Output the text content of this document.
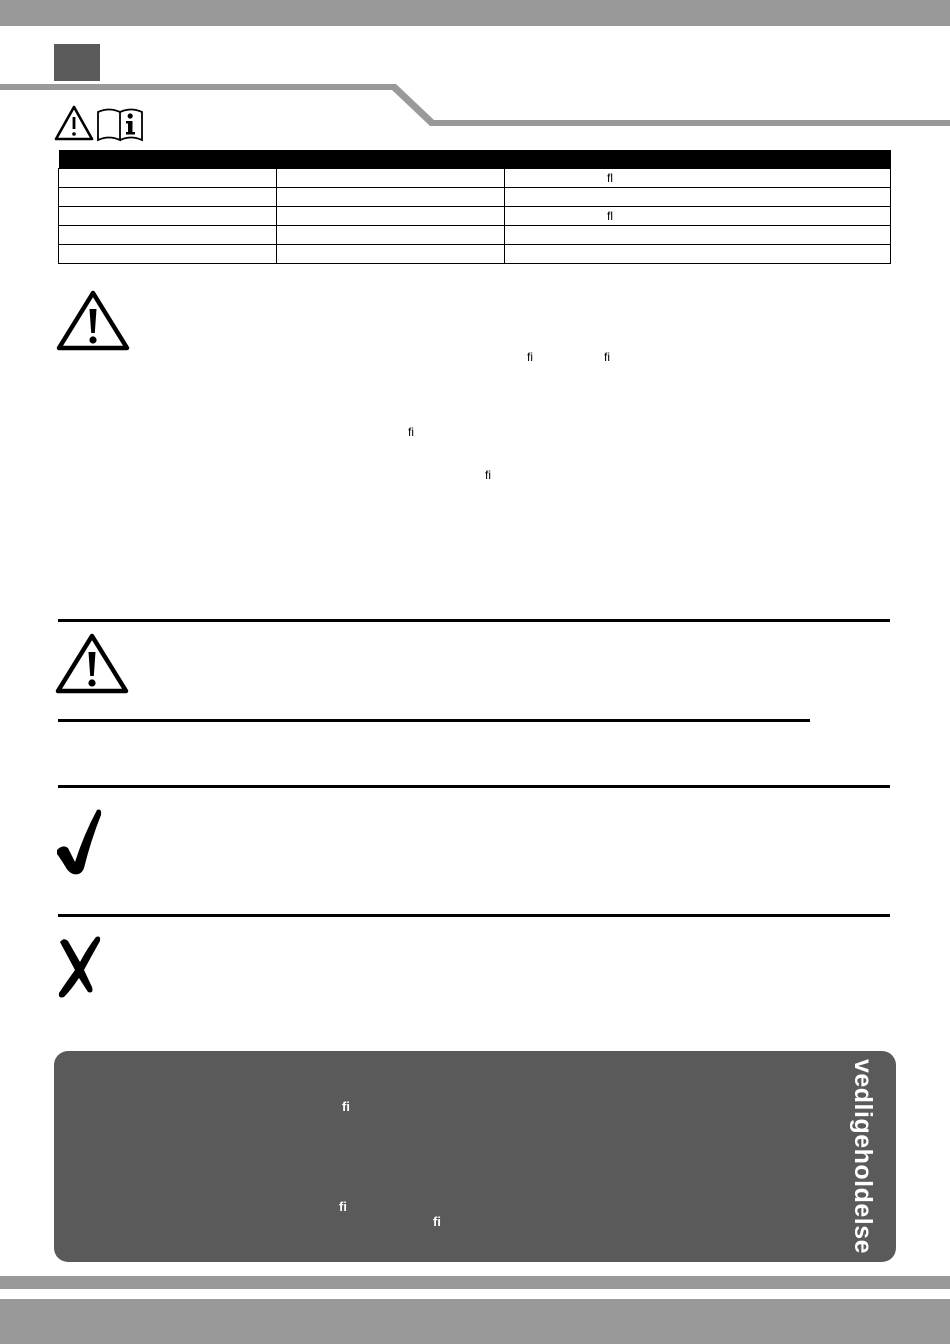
		ﬂ

		ﬂ

ﬁ	ﬁ
ﬁ
ﬁ
ﬁ
ﬁ
ﬁ	vedligeholdelse
